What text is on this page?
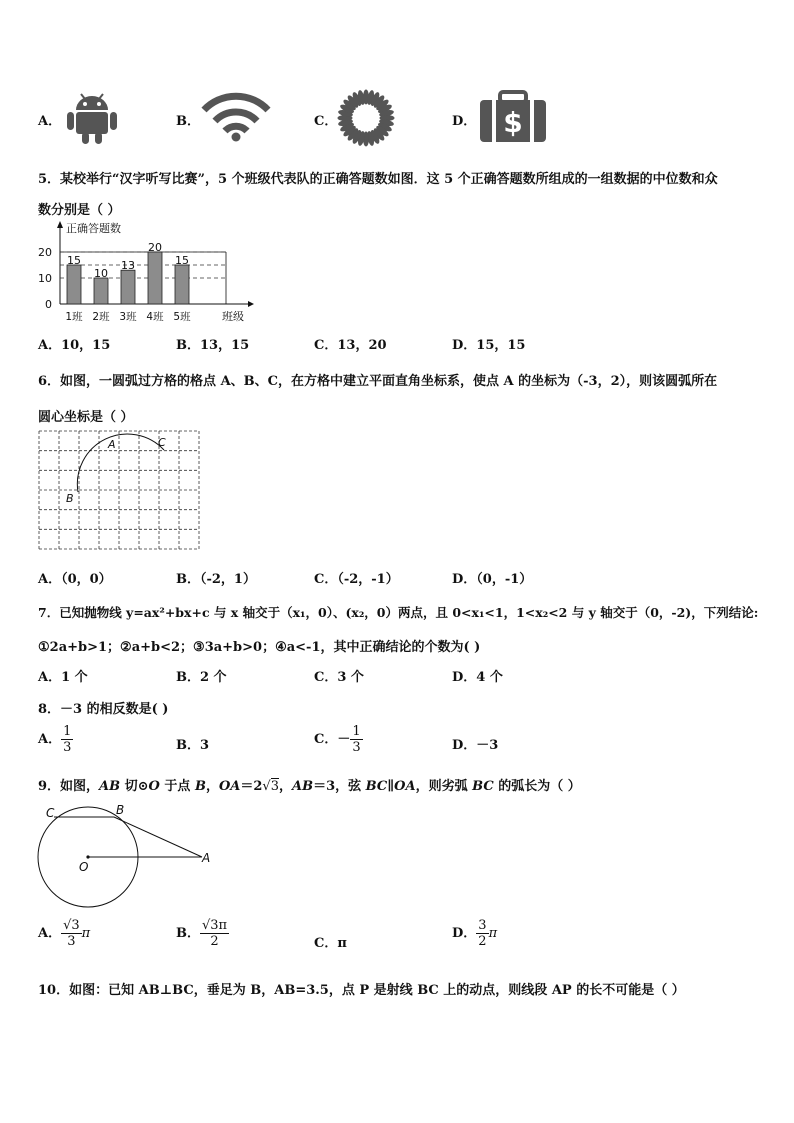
A．	B．	C．	D． $
5．某校举行“汉字听写比赛”，5 个班级代表队的正确答题数如图．这 5 个正确答题数所组成的一组数据的中位数和众
数分别是（ ）
正确答题数
班级
0
10
20
15
10
13
20
15
1班 2班 3班 4班 5班
A．10，15	B．13，15	C．13，20	D．15，15
6．如图，一圆弧过方格的格点 A、B、C，在方格中建立平面直角坐标系，使点 A 的坐标为（-3，2），则该圆弧所在
圆心坐标是（ ）
A	C
B
A．（0，0）	B．（-2，1）	C．（-2，-1）	D．（0，-1）
7．已知抛物线 y=ax²+bx+c 与 x 轴交于（x₁，0）、(x₂，0）两点，且 0<x₁<1，1<x₂<2 与 y 轴交于（0，-2)，下列结论:
①2a+b>1；②a+b<2；③3a+b>0；④a<-1，其中正确结论的个数为( )
A．1 个	B．2 个	C．3 个	D．4 个
8．－3 的相反数是( )
A． $\frac{1}{3}$	B．3	C．－ $\frac{1}{3}$	D．－3
9．如图，AB 切⊙O 于点 B，OA＝2√3，AB＝3，弦 BC∥OA，则劣弧 BC 的弧长为（ ）
C	B
O
A
A． $\frac{√3}{3}$ π	B． $\frac{√3\pi}{2}$	C．π
D． $\frac{3}{2}$ π
10．如图：已知 AB⊥BC，垂足为 B，AB=3.5，点 P 是射线 BC 上的动点，则线段 AP 的长不可能是（ ）
